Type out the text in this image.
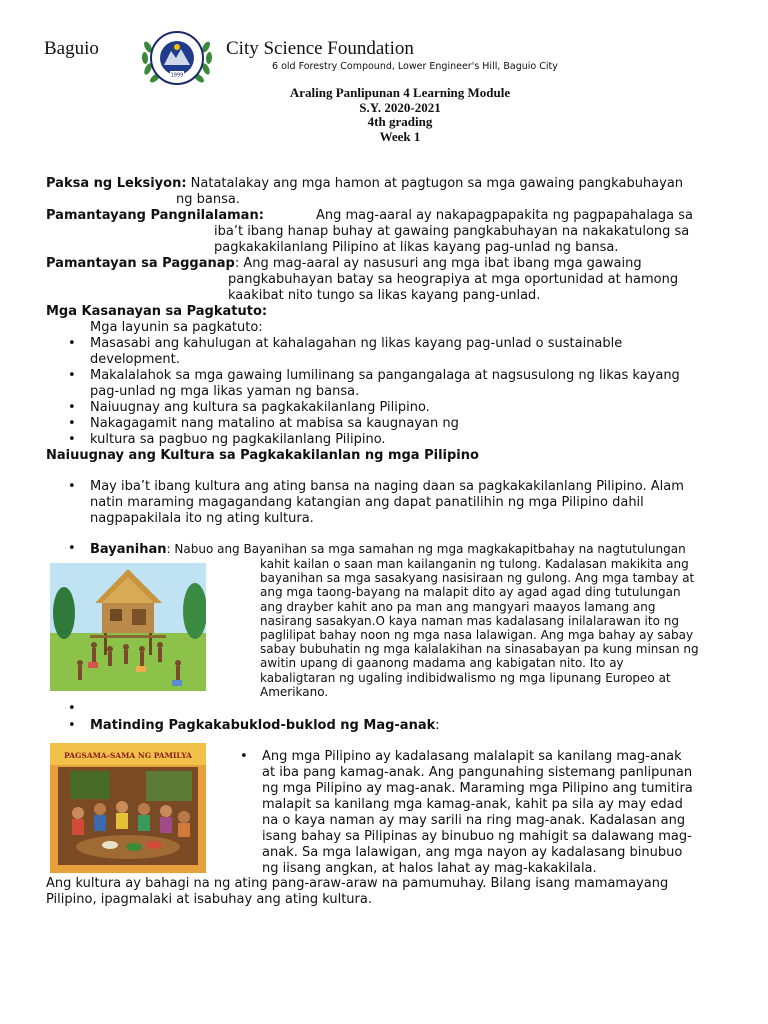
Baguio
1999
City Science Foundation
6 old Forestry Compound, Lower Engineer's Hill, Baguio City
Araling Panlipunan 4 Learning Module
S.Y. 2020-2021
4th grading
Week 1
Paksa ng Leksiyon: Natatalakay ang mga hamon at pagtugon sa mga gawaing pangkabuhayan
ng bansa.
Pamantayang Pangnilalaman:	Ang mag-aaral ay nakapagpapakita ng pagpapahalaga sa
iba’t ibang hanap buhay at gawaing pangkabuhayan na nakakatulong sa
pagkakakilanlang Pilipino at likas kayang pag-unlad ng bansa.
Pamantayan sa Pagganap: Ang mag-aaral ay nasusuri ang mga ibat ibang mga gawaing
pangkabuhayan batay sa heograpiya at mga oportunidad at hamong
kaakibat nito tungo sa likas kayang pang-unlad.
Mga Kasanayan sa Pagkatuto:
Mga layunin sa pagkatuto:
• Masasabi ang kahulugan at kahalagahan ng likas kayang pag-unlad o sustainable
development.
• Makalalahok sa mga gawaing lumilinang sa pangangalaga at nagsusulong ng likas kayang
pag-unlad ng mga likas yaman ng bansa.
• Naiuugnay ang kultura sa pagkakakilanlang Pilipino.
• Nakagagamit nang matalino at mabisa sa kaugnayan ng
• kultura sa pagbuo ng pagkakilanlang Pilipino.
Naiuugnay ang Kultura sa Pagkakakilanlan ng mga Pilipino
• May iba’t ibang kultura ang ating bansa na naging daan sa pagkakakilanlang Pilipino. Alam
natin maraming magagandang katangian ang dapat panatilihin ng mga Pilipino dahil
nagpapakilala ito ng ating kultura.
• Bayanihan: Nabuo ang Bayanihan sa mga samahan ng mga magkakapitbahay na nagtutulungan
kahit kailan o saan man kailanganin ng tulong. Kadalasan makikita ang
bayanihan sa mga sasakyang nasisiraan ng gulong. Ang mga tambay at
ang mga taong-bayang na malapit dito ay agad agad ding tutulungan
ang drayber kahit ano pa man ang mangyari maayos lamang ang
nasirang sasakyan.O kaya naman mas kadalasang inilalarawan ito ng
paglilipat bahay noon ng mga nasa lalawigan. Ang mga bahay ay sabay
sabay bubuhatin ng mga kalalakihan na sinasabayan pa kung minsan ng
awitin upang di gaanong madama ang kabigatan nito. Ito ay
kabaligtaran ng ugaling indibidwalismo ng mga lipunang Europeo at
Amerikano.
• Matinding Pagkakabuklod-buklod ng Mag-anak:
PAGSAMA-SAMA NG PAMILYA
•	Ang mga Pilipino ay kadalasang malalapit sa kanilang mag-anak
at iba pang kamag-anak. Ang pangunahing sistemang panlipunan
ng mga Pilipino ay mag-anak. Maraming mga Pilipino ang tumitira
malapit sa kanilang mga kamag-anak, kahit pa sila ay may edad
na o kaya naman ay may sarili na ring mag-anak. Kadalasan ang
isang bahay sa Pilipinas ay binubuo ng mahigit sa dalawang mag-
anak. Sa mga lalawigan, ang mga nayon ay kadalasang binubuo
ng iisang angkan, at halos lahat ay mag-kakakilala.
Ang kultura ay bahagi na ng ating pang-araw-araw na pamumuhay. Bilang isang mamamayang
Pilipino, ipagmalaki at isabuhay ang ating kultura.
